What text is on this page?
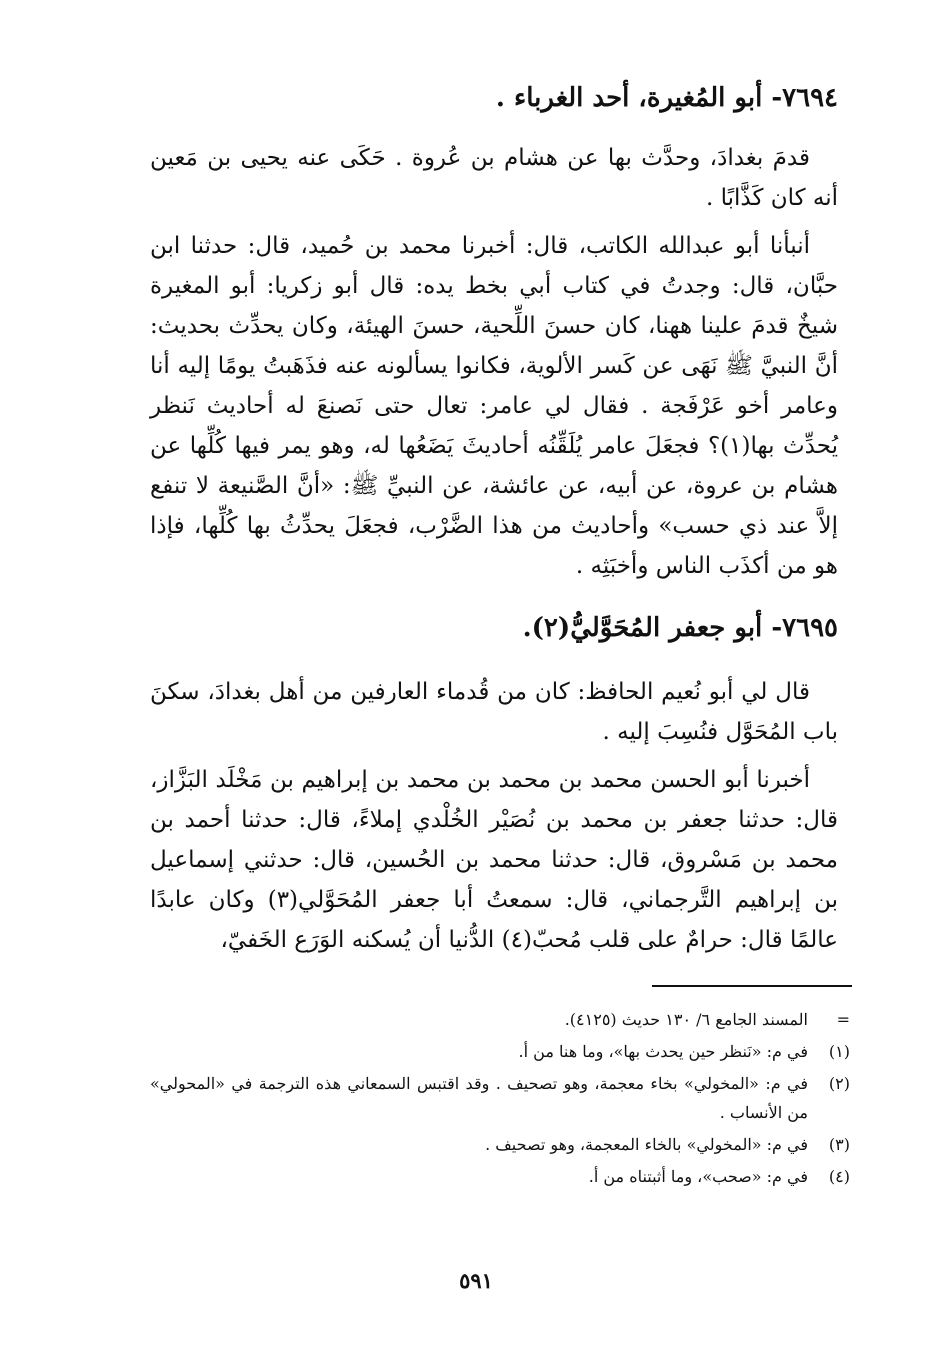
٧٦٩٤- أبو المُغيرة، أحد الغرباء .

قدمَ بغدادَ، وحدَّث بها عن هشام بن عُروة . حَكَى عنه يحيى بن مَعين أنه كان كَذَّابًا .

أنبأنا أبو عبدالله الكاتب، قال: أخبرنا محمد بن حُميد، قال: حدثنا ابن حبَّان، قال: وجدتُ في كتاب أبي بخط يده: قال أبو زكريا: أبو المغيرة شيخٌ قدمَ علينا ههنا، كان حسنَ اللِّحية، حسنَ الهيئة، وكان يحدِّث بحديث: أنَّ النبيَّ ﷺ نَهَى عن كَسر الألوية، فكانوا يسألونه عنه فذَهَبتُ يومًا إليه أنا وعامر أخو عَرْفَجة . فقال لي عامر: تعال حتى نَصنعَ له أحاديث نَنظر يُحدِّث بها(١)؟ فجعَلَ عامر يُلَقِّنُه أحاديثَ يَضَعُها له، وهو يمر فيها كُلِّها عن هشام بن عروة، عن أبيه، عن عائشة، عن النبيِّ ﷺ: «أنَّ الصَّنيعة لا تنفع إلاَّ عند ذي حسب» وأحاديث من هذا الضَّرْب، فجعَلَ يحدِّثُ بها كُلِّها، فإذا هو من أكذَب الناس وأخبَثِه .

٧٦٩٥- أبو جعفر المُحَوَّليُّ(٢).

قال لي أبو نُعيم الحافظ: كان من قُدماء العارفين من أهل بغدادَ، سكنَ باب المُحَوَّل فنُسِبَ إليه .

أخبرنا أبو الحسن محمد بن محمد بن محمد بن إبراهيم بن مَخْلَد البَزَّاز، قال: حدثنا جعفر بن محمد بن نُصَيْر الخُلْدي إملاءً، قال: حدثنا أحمد بن محمد بن مَسْروق، قال: حدثنا محمد بن الحُسين، قال: حدثني إسماعيل بن إبراهيم التَّرجماني، قال: سمعتُ أبا جعفر المُحَوَّلي(٣) وكان عابدًا عالمًا قال: حرامٌ على قلب مُحبّ(٤) الدُّنيا أن يُسكنه الوَرَع الخَفيّ،

=
المسند الجامع ٦/ ١٣٠ حديث (٤١٢٥).
(١)
في م: «نَنظر حين يحدث بها»، وما هنا من أ.
(٢)
في م: «المخولي» بخاء معجمة، وهو تصحيف . وقد اقتبس السمعاني هذه الترجمة في «المحولي» من الأنساب .
(٣)
في م: «المخولي» بالخاء المعجمة، وهو تصحيف .
(٤)
في م: «صحب»، وما أثبتناه من أ.
٥٩١
